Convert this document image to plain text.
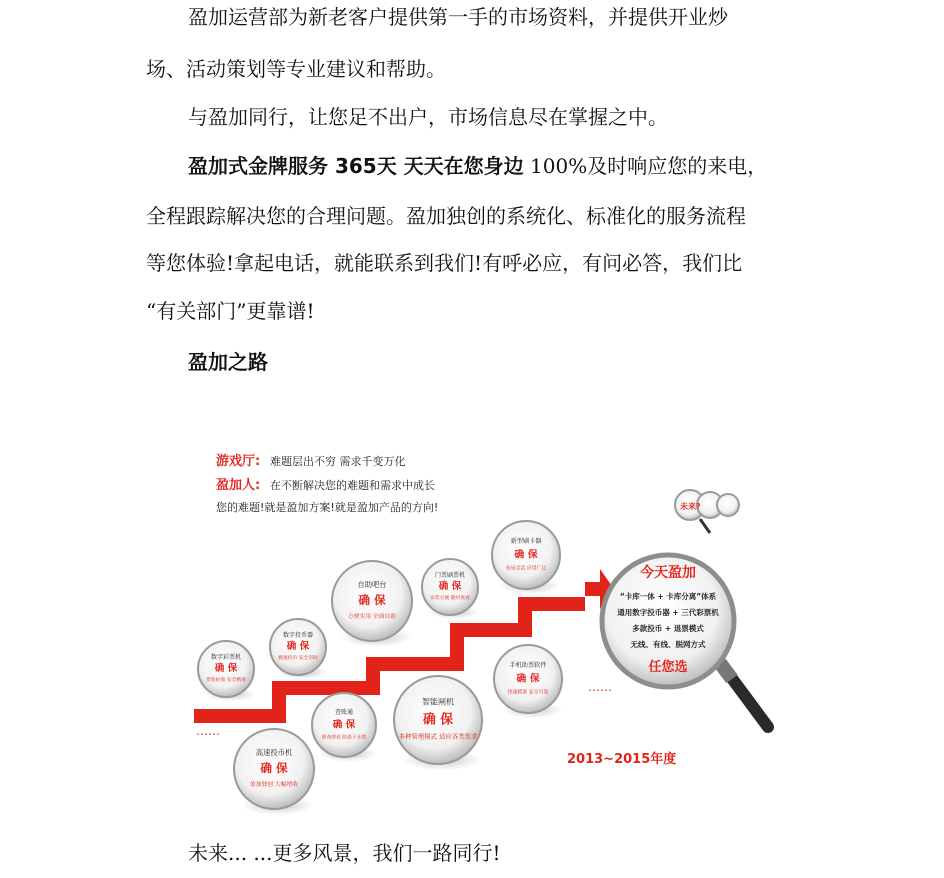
盈加运营部为新老客户提供第一手的市场资料，并提供开业炒
场、活动策划等专业建议和帮助。
与盈加同行，让您足不出户，市场信息尽在掌握之中。
盈加式金牌服务 365天 天天在您身边 100%及时响应您的来电，
全程跟踪解决您的合理问题。盈加独创的系统化、标准化的服务流程
等您体验!拿起电话，就能联系到我们!有呼必应，有问必答，我们比
“有关部门”更靠谱!
盈加之路
游戏厅: 难题层出不穷 需求千变万化
盈加人: 在不断解决您的难题和需求中成长
您的难题!就是盈加方案!就是盈加产品的方向!
……
……
数字彩票机
确 保
货值拍收 安全精准
数字投币器
确 保
极速投币 安全省时
自助吧台
确 保
方便实用 全面自助
门票刷票机
确 保
安装方便 随时查看
新型刷卡器
确 保
布局灵活 应用广泛
高速投币机
确 保
盈加独创 大幅增收
查账通
确 保
即查即看 防患于未然
智能闸机
确 保
多种管理模式 适应各类需求
手机助票软件
确 保
快速精准 安全可靠
未来?
今天盈加
“卡库一体 + 卡库分离”体系
通用数字投币器 + 三代彩票机
多款投币 + 退票模式
无线、有线、脱网方式
任您选
2013~2015年度
未来... ...更多风景，我们一路同行!
